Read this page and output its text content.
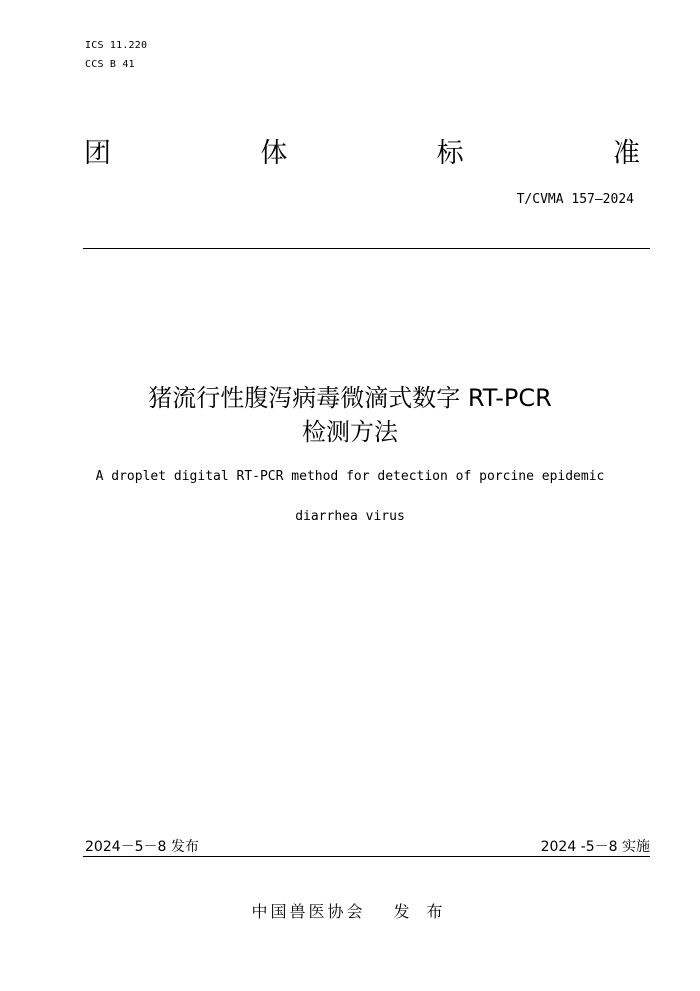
ICS 11.220
CCS B 41
团	体	标	准
T/CVMA 157—2024
猪流行性腹泻病毒微滴式数字 RT-PCR
检测方法
A droplet digital RT-PCR method for detection of porcine epidemic
diarrhea virus
2024－5－8 发布	2024 -5－8 实施
中国兽医协会 发 布
